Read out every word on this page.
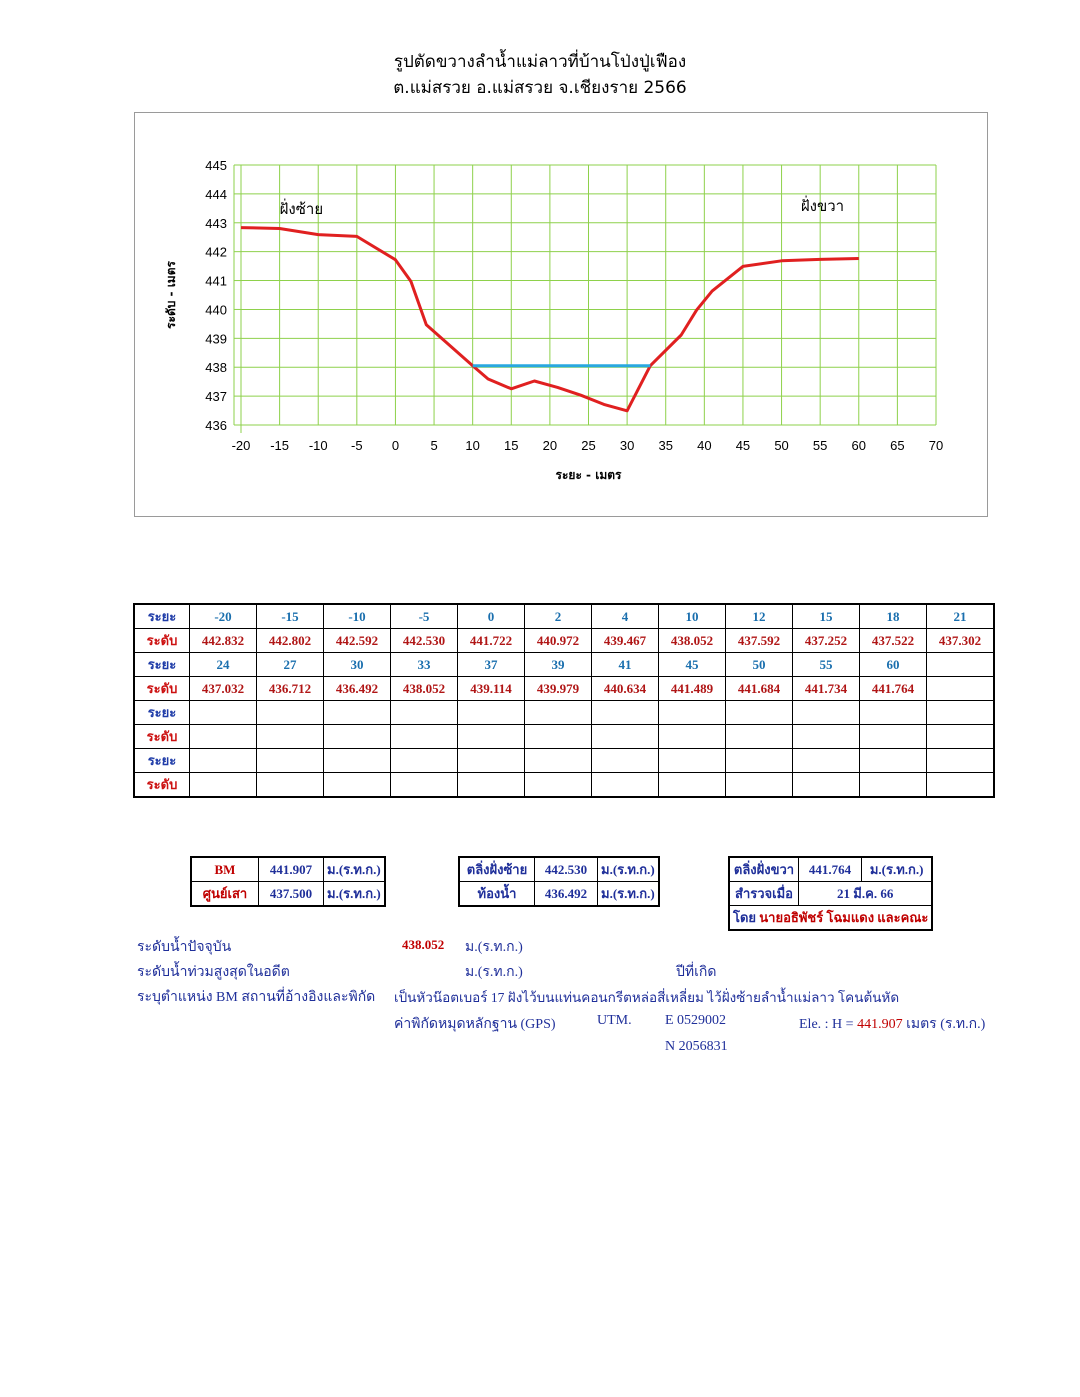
รูปตัดขวางลำน้ำแม่ลาวที่บ้านโป่งปู่เฟือง
ต.แม่สรวย อ.แม่สรวย จ.เชียงราย 2566
-20 -15 -10 -5 0 5 10 15 20 25 30 35 40 45 50 55 60 65 70
436
437
438
439
440
441
442
443
444
445
ระยะ - เมตร
ระดับ - เมตร
ฝั่งซ้าย	ฝั่งขวา
ระยะ	-20	-15	-10	-5	0	2	4	10	12	15	18	21
ระดับ	442.832	442.802	442.592	442.530	441.722	440.972	439.467	438.052	437.592	437.252	437.522	437.302
ระยะ	24	27	30	33	37	39	41	45	50	55	60	
ระดับ	437.032	436.712	436.492	438.052	439.114	439.979	440.634	441.489	441.684	441.734	441.764	
ระยะ												
ระดับ												
ระยะ												
ระดับ												
BM	441.907	ม.(ร.ท.ก.)
ศูนย์เสา	437.500	ม.(ร.ท.ก.)
ตลิ่งฝั่งซ้าย	442.530	ม.(ร.ท.ก.)
ท้องน้ำ	436.492	ม.(ร.ท.ก.)
ตลิ่งฝั่งขวา	441.764	ม.(ร.ท.ก.)
สำรวจเมื่อ	21 มี.ค. 66	
โดย นายอธิพัชร์ โฉมแดง และคณะ		
ระดับน้ำปัจจุบัน	438.052 ม.(ร.ท.ก.)
ระดับน้ำท่วมสูงสุดในอดีต	ม.(ร.ท.ก.)	ปีที่เกิด
ระบุตำแหน่ง BM สถานที่อ้างอิงและพิกัด เป็นหัวน๊อตเบอร์ 17 ฝังไว้บนแท่นคอนกรีตหล่อสี่เหลี่ยม ไว้ฝั่งซ้ายลำน้ำแม่ลาว โคนต้นหัด
ค่าพิกัดหมุดหลักฐาน (GPS)	UTM. E 0529002	Ele. : H = 441.907 เมตร (ร.ท.ก.)
N 2056831
